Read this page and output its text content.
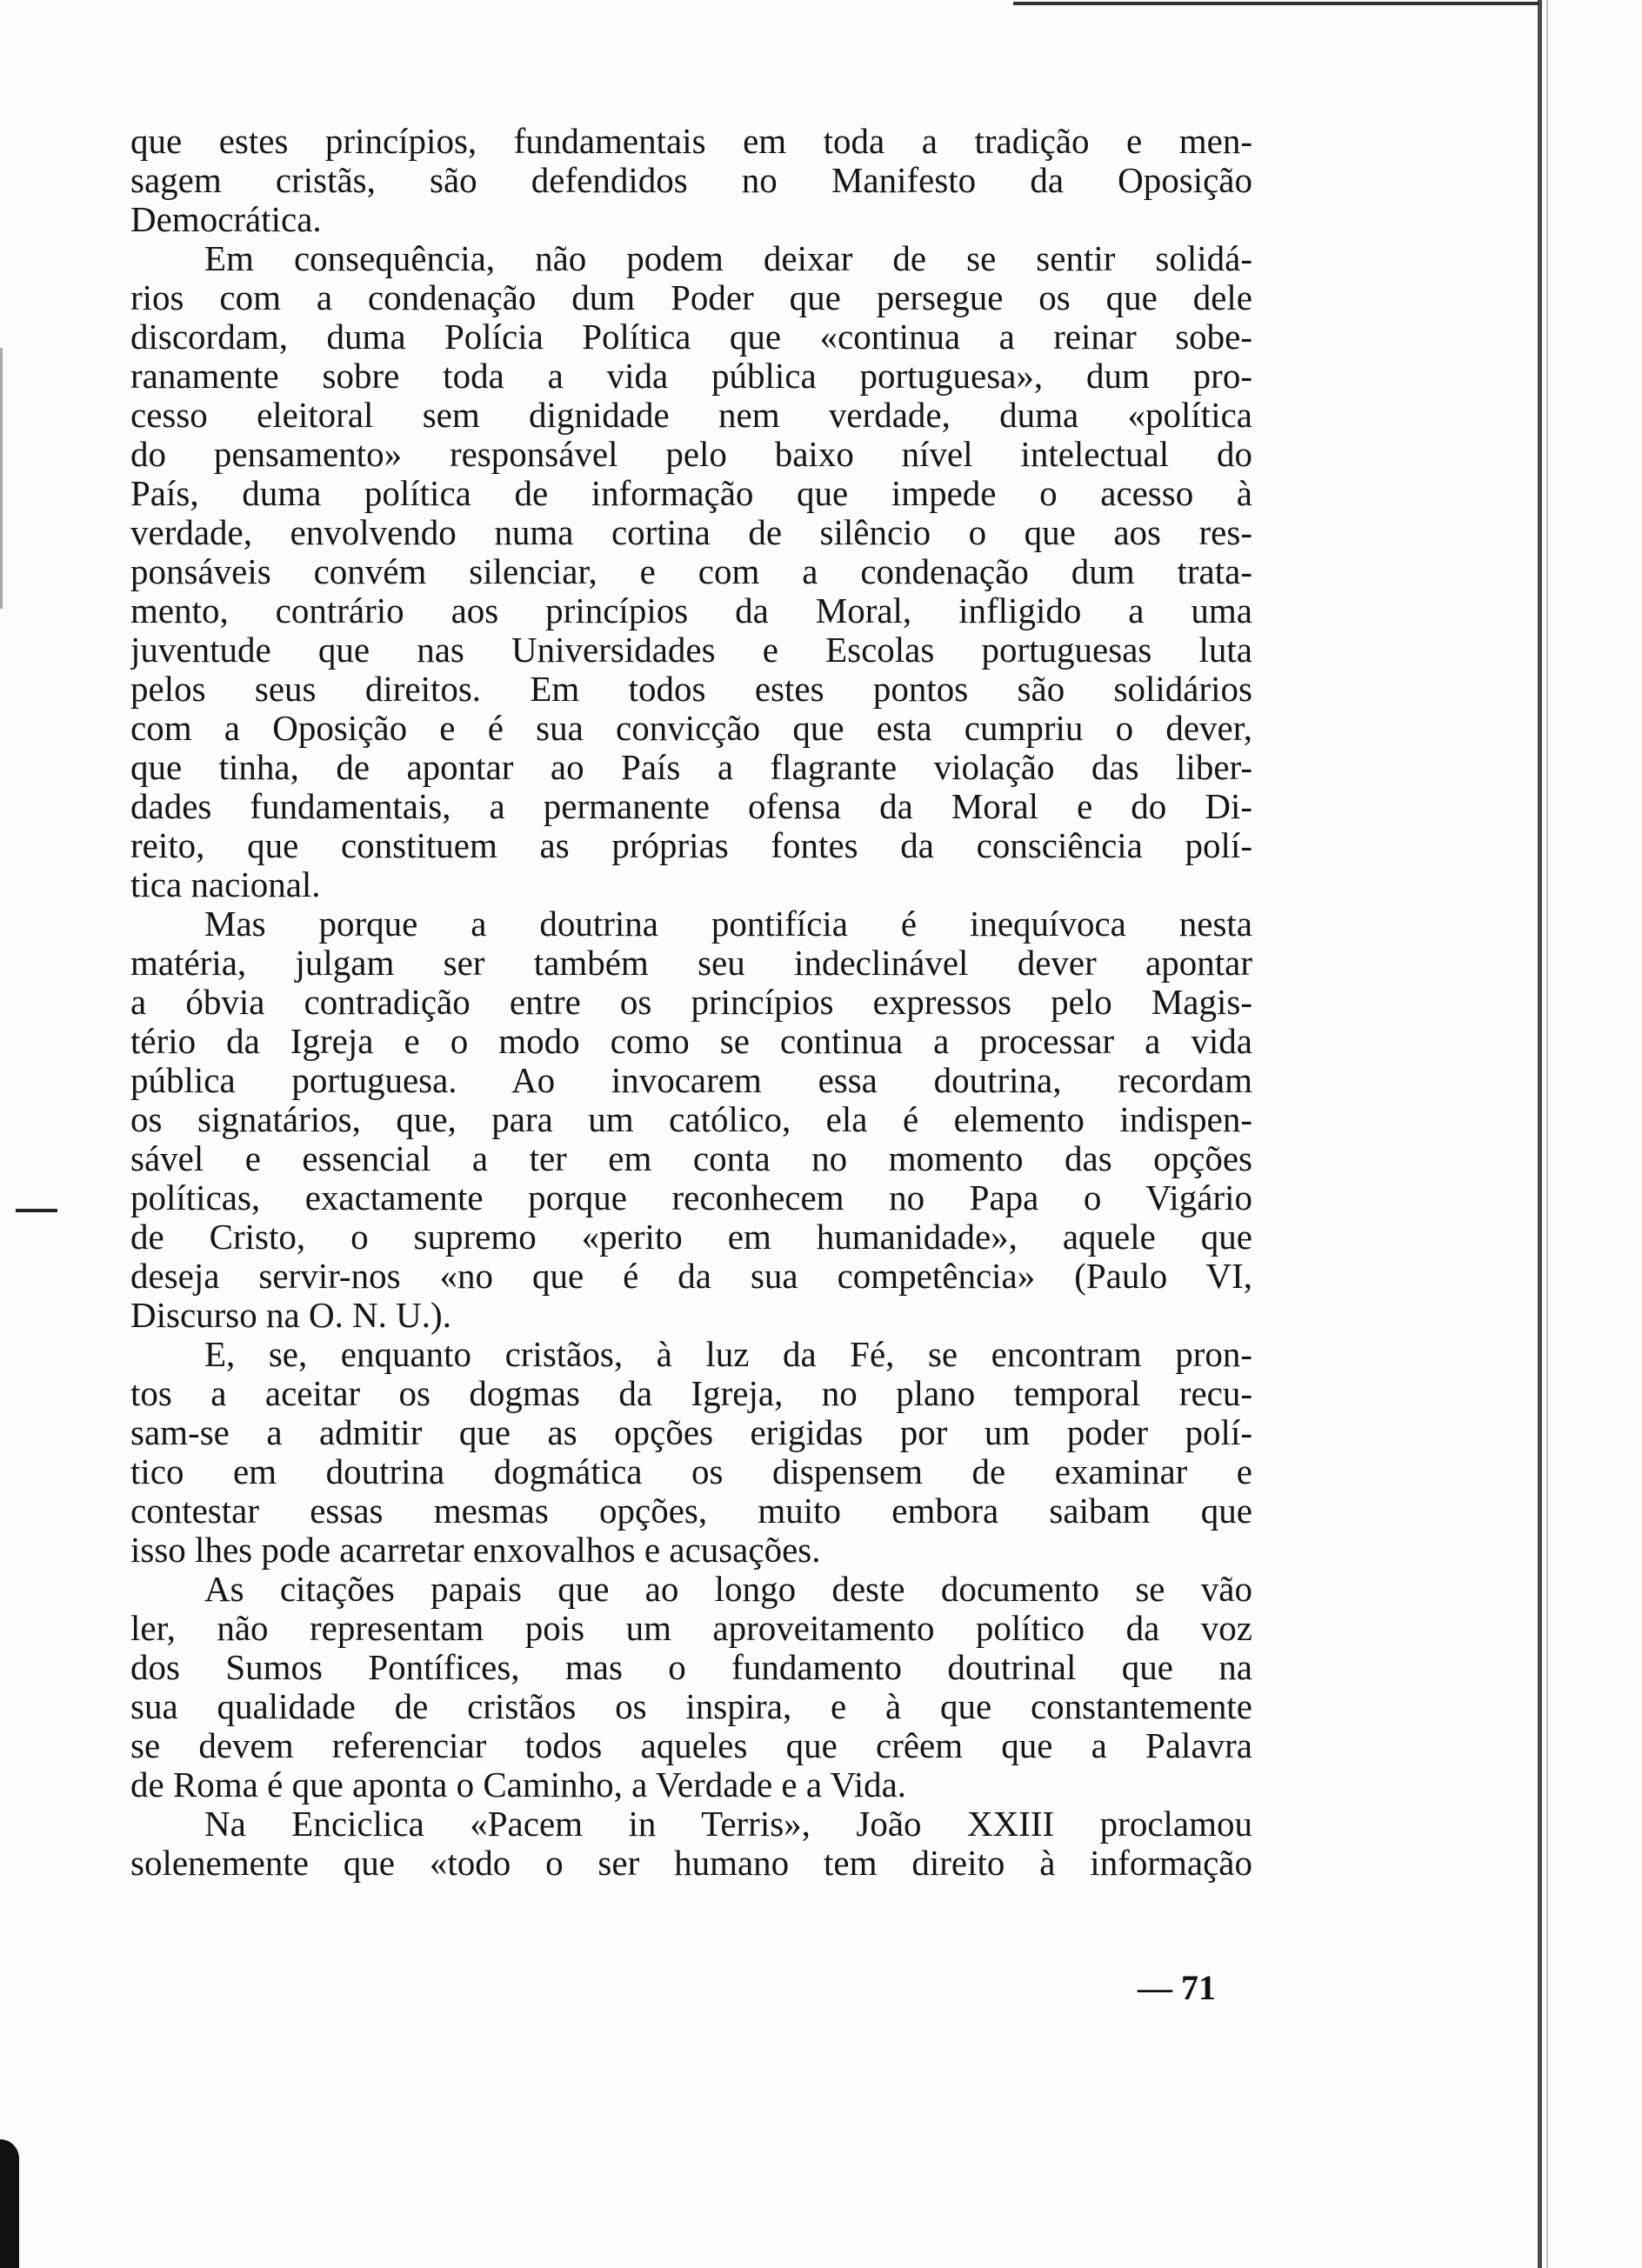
que estes princípios, fundamentais em toda a tradição e men-
sagem cristãs, são defendidos no Manifesto da Oposição
Democrática.
Em consequência, não podem deixar de se sentir solidá-
rios com a condenação dum Poder que persegue os que dele
discordam, duma Polícia Política que «continua a reinar sobe-
ranamente sobre toda a vida pública portuguesa», dum pro-
cesso eleitoral sem dignidade nem verdade, duma «política
do pensamento» responsável pelo baixo nível intelectual do
País, duma política de informação que impede o acesso à
verdade, envolvendo numa cortina de silêncio o que aos res-
ponsáveis convém silenciar, e com a condenação dum trata-
mento, contrário aos princípios da Moral, infligido a uma
juventude que nas Universidades e Escolas portuguesas luta
pelos seus direitos. Em todos estes pontos são solidários
com a Oposição e é sua convicção que esta cumpriu o dever,
que tinha, de apontar ao País a flagrante violação das liber-
dades fundamentais, a permanente ofensa da Moral e do Di-
reito, que constituem as próprias fontes da consciência polí-
tica nacional.
Mas porque a doutrina pontifícia é inequívoca nesta
matéria, julgam ser também seu indeclinável dever apontar
a óbvia contradição entre os princípios expressos pelo Magis-
tério da Igreja e o modo como se continua a processar a vida
pública portuguesa. Ao invocarem essa doutrina, recordam
os signatários, que, para um católico, ela é elemento indispen-
sável e essencial a ter em conta no momento das opções
políticas, exactamente porque reconhecem no Papa o Vigário
de Cristo, o supremo «perito em humanidade», aquele que
deseja servir-nos «no que é da sua competência» (Paulo VI,
Discurso na O. N. U.).
E, se, enquanto cristãos, à luz da Fé, se encontram pron-
tos a aceitar os dogmas da Igreja, no plano temporal recu-
sam-se a admitir que as opções erigidas por um poder polí-
tico em doutrina dogmática os dispensem de examinar e
contestar essas mesmas opções, muito embora saibam que
isso lhes pode acarretar enxovalhos e acusações.
As citações papais que ao longo deste documento se vão
ler, não representam pois um aproveitamento político da voz
dos Sumos Pontífices, mas o fundamento doutrinal que na
sua qualidade de cristãos os inspira, e à que constantemente
se devem referenciar todos aqueles que crêem que a Palavra
de Roma é que aponta o Caminho, a Verdade e a Vida.
Na Enciclica «Pacem in Terris», João XXIII proclamou
solenemente que «todo o ser humano tem direito à informação
— 71
